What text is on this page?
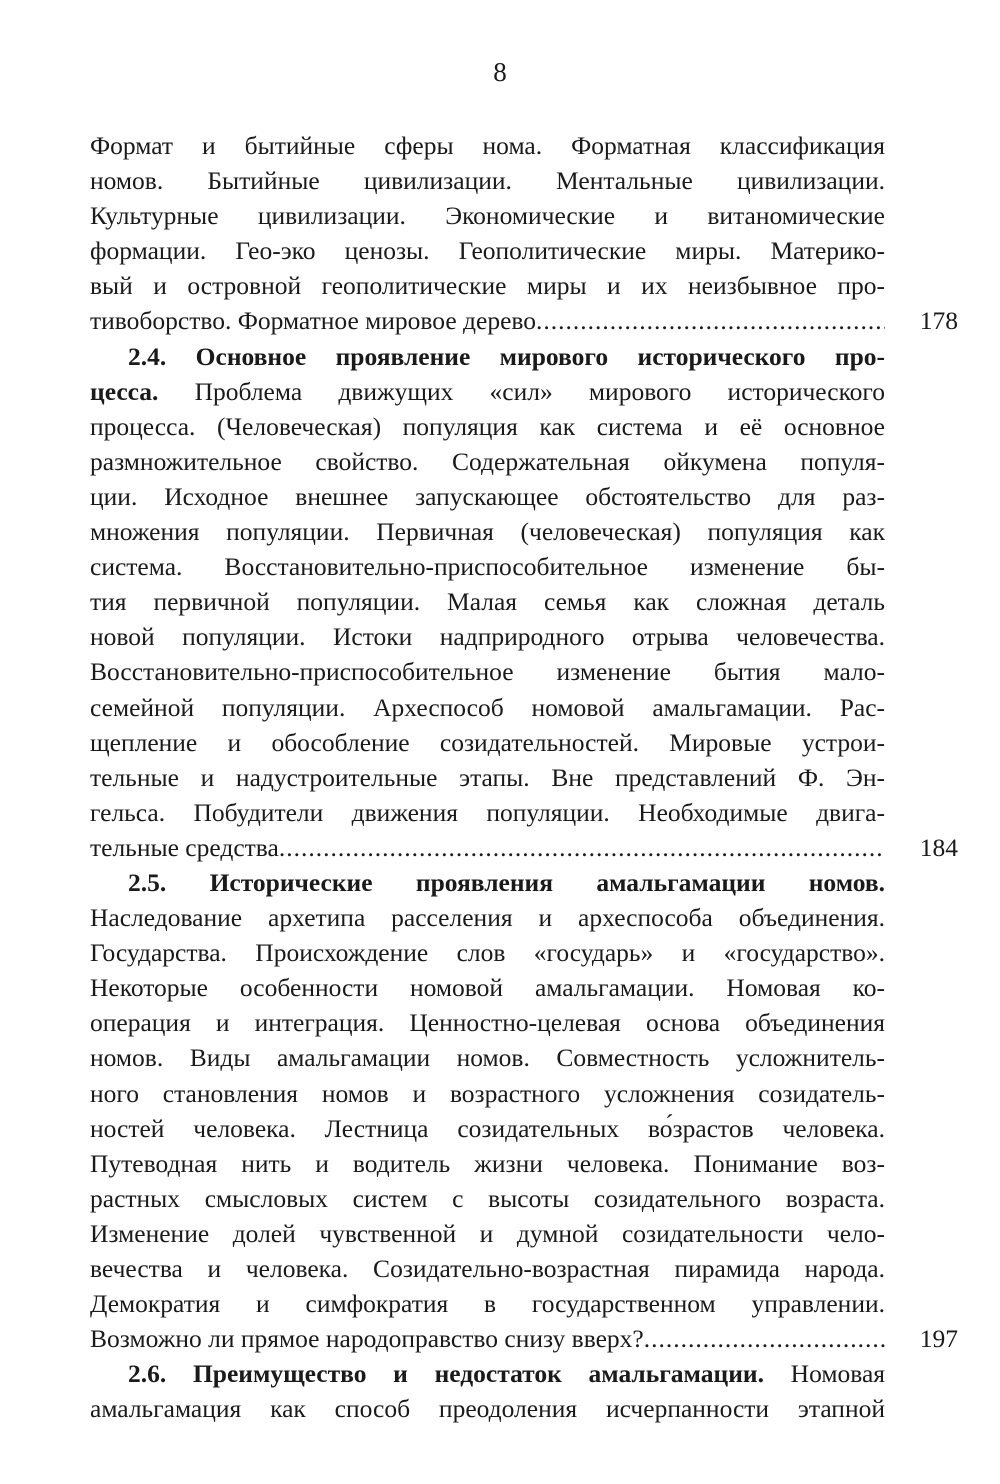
8
Формат и бытийные сферы нома. Форматная классификация
номов. Бытийные цивилизации. Ментальные цивилизации.
Культурные цивилизации. Экономические и витаномические
формации. Гео-эко ценозы. Геополитические миры. Материко-
вый и островной геополитические миры и их неизбывное про-
тивоборство. Форматное мировое дерево .....	178
2.4. Основное проявление мирового исторического про-
цесса. Проблема движущих «сил» мирового исторического
процесса. (Человеческая) популяция как система и её основное
размножительное свойство. Содержательная ойкумена популя-
ции. Исходное внешнее запускающее обстоятельство для раз-
множения популяции. Первичная (человеческая) популяция как
система. Восстановительно-приспособительное изменение бы-
тия первичной популяции. Малая семья как сложная деталь
новой популяции. Истоки надприродного отрыва человечества.
Восстановительно-приспособительное изменение бытия мало-
семейной популяции. Археспособ номовой амальгамации. Рас-
щепление и обособление созидательностей. Мировые устрои-
тельные и надустроительные этапы. Вне представлений Ф. Эн-
гельса. Побудители движения популяции. Необходимые двига-
тельные средства .....	184
2.5. Исторические проявления амальгамации номов.
Наследование архетипа расселения и археспособа объединения.
Государства. Происхождение слов «государь» и «государство».
Некоторые особенности номовой амальгамации. Номовая ко-
операция и интеграция. Ценностно-целевая основа объединения
номов. Виды амальгамации номов. Совместность усложнитель-
ного становления номов и возрастного усложнения созидатель-
ностей человека. Лестница созидательных во́зрастов человека.
Путеводная нить и водитель жизни человека. Понимание воз-
растных смысловых систем с высоты созидательного возраста.
Изменение долей чувственной и думной созидательности чело-
вечества и человека. Созидательно-возрастная пирамида народа.
Демократия и симфократия в государственном управлении.
Возможно ли прямое народоправство снизу вверх? .....	197
2.6. Преимущество и недостаток амальгамации. Номовая
амальгамация как способ преодоления исчерпанности этапной
